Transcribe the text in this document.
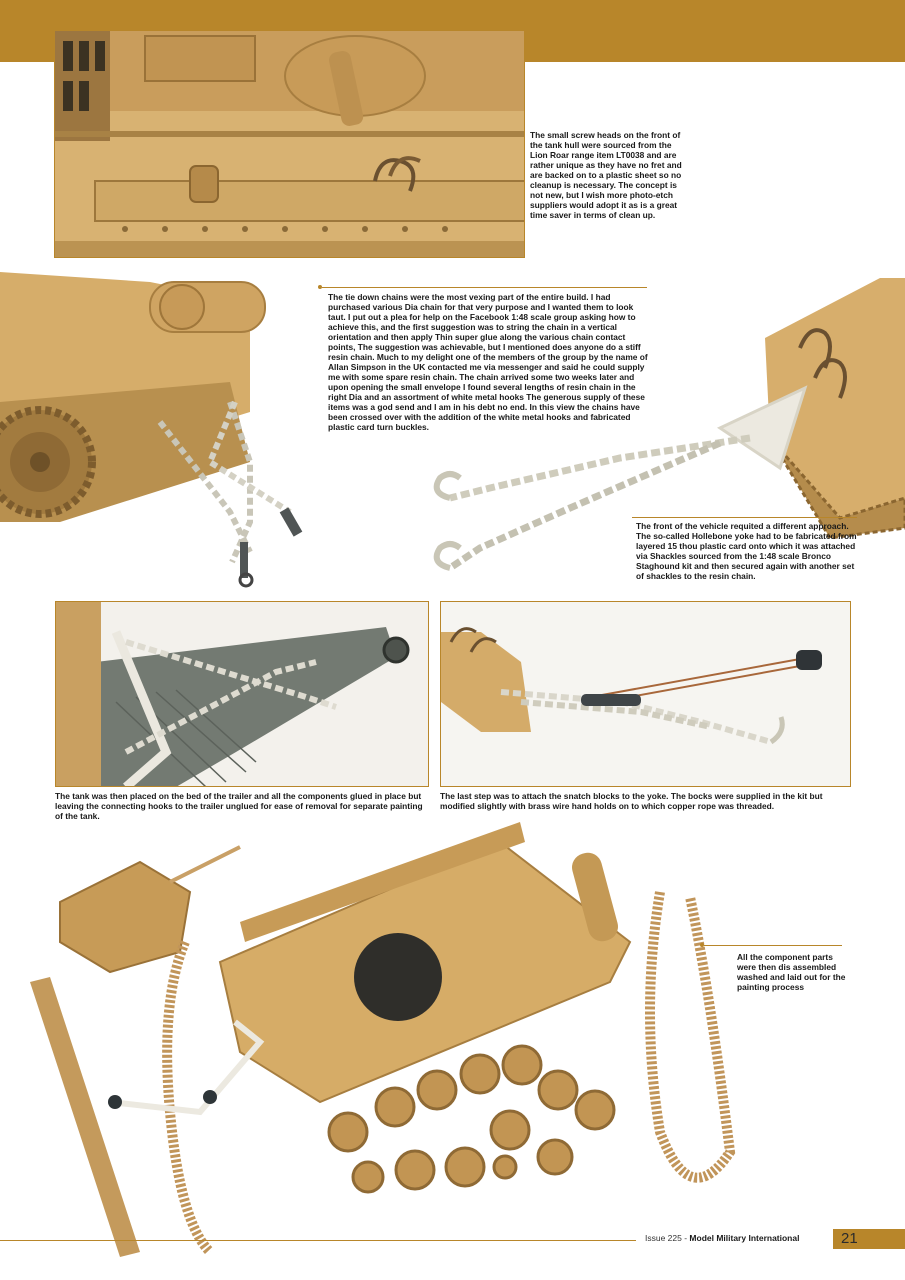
The small screw heads on the front of the tank hull were sourced from the Lion Roar range item LT0038 and are rather unique as they have no fret and are backed on to a plastic sheet so no cleanup is necessary. The concept is not new, but I wish more photo-etch suppliers would adopt it as is a great time saver in terms of clean up.
The tie down chains were the most vexing part of the entire build. I had purchased various Dia chain for that very purpose and I wanted them to look taut. I put out a plea for help on the Facebook 1:48 scale group asking how to achieve this, and the first suggestion was to string the chain in a vertical orientation and then apply Thin super glue along the various chain contact points, The suggestion was achievable, but I mentioned does anyone do a stiff resin chain. Much to my delight one of the members of the group by the name of Allan Simpson in the UK contacted me via messenger and said he could supply me with some spare resin chain. The chain arrived some two weeks later and upon opening the small envelope I found several lengths of resin chain in the right Dia and an assortment of white metal hooks The generous supply of these items was a god send and I am in his debt no end. In this view the chains have been crossed over with the addition of the white metal hooks and fabricated plastic card turn buckles.
The front of the vehicle requited a different approach. The so-called Hollebone yoke had to be fabricated from layered 15 thou plastic card onto which it was attached via Shackles sourced from the 1:48 scale Bronco Staghound kit and then secured again with another set of shackles to the resin chain.
The tank was then placed on the bed of the trailer and all the components glued in place but leaving the connecting hooks to the trailer unglued for ease of removal for separate painting of the tank.
The last step was to attach the snatch blocks to the yoke. The bocks were supplied in the kit but modified slightly with brass wire hand holds on to which copper rope was threaded.
All the component parts were then dis assembled washed and laid out for the painting process
Issue 225 - Model Military International	21
